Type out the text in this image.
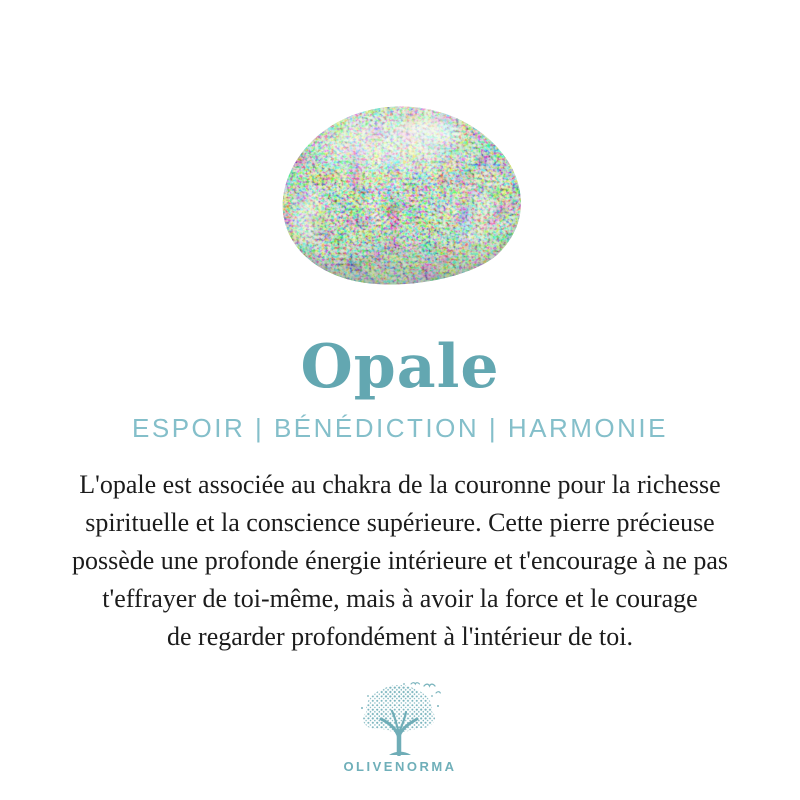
Opale
ESPOIR | BÉNÉDICTION | HARMONIE
L'opale est associée au chakra de la couronne pour la richesse
spirituelle et la conscience supérieure. Cette pierre précieuse
possède une profonde énergie intérieure et t'encourage à ne pas
t'effrayer de toi-même, mais à avoir la force et le courage
de regarder profondément à l'intérieur de toi.
OLIVENORMA
